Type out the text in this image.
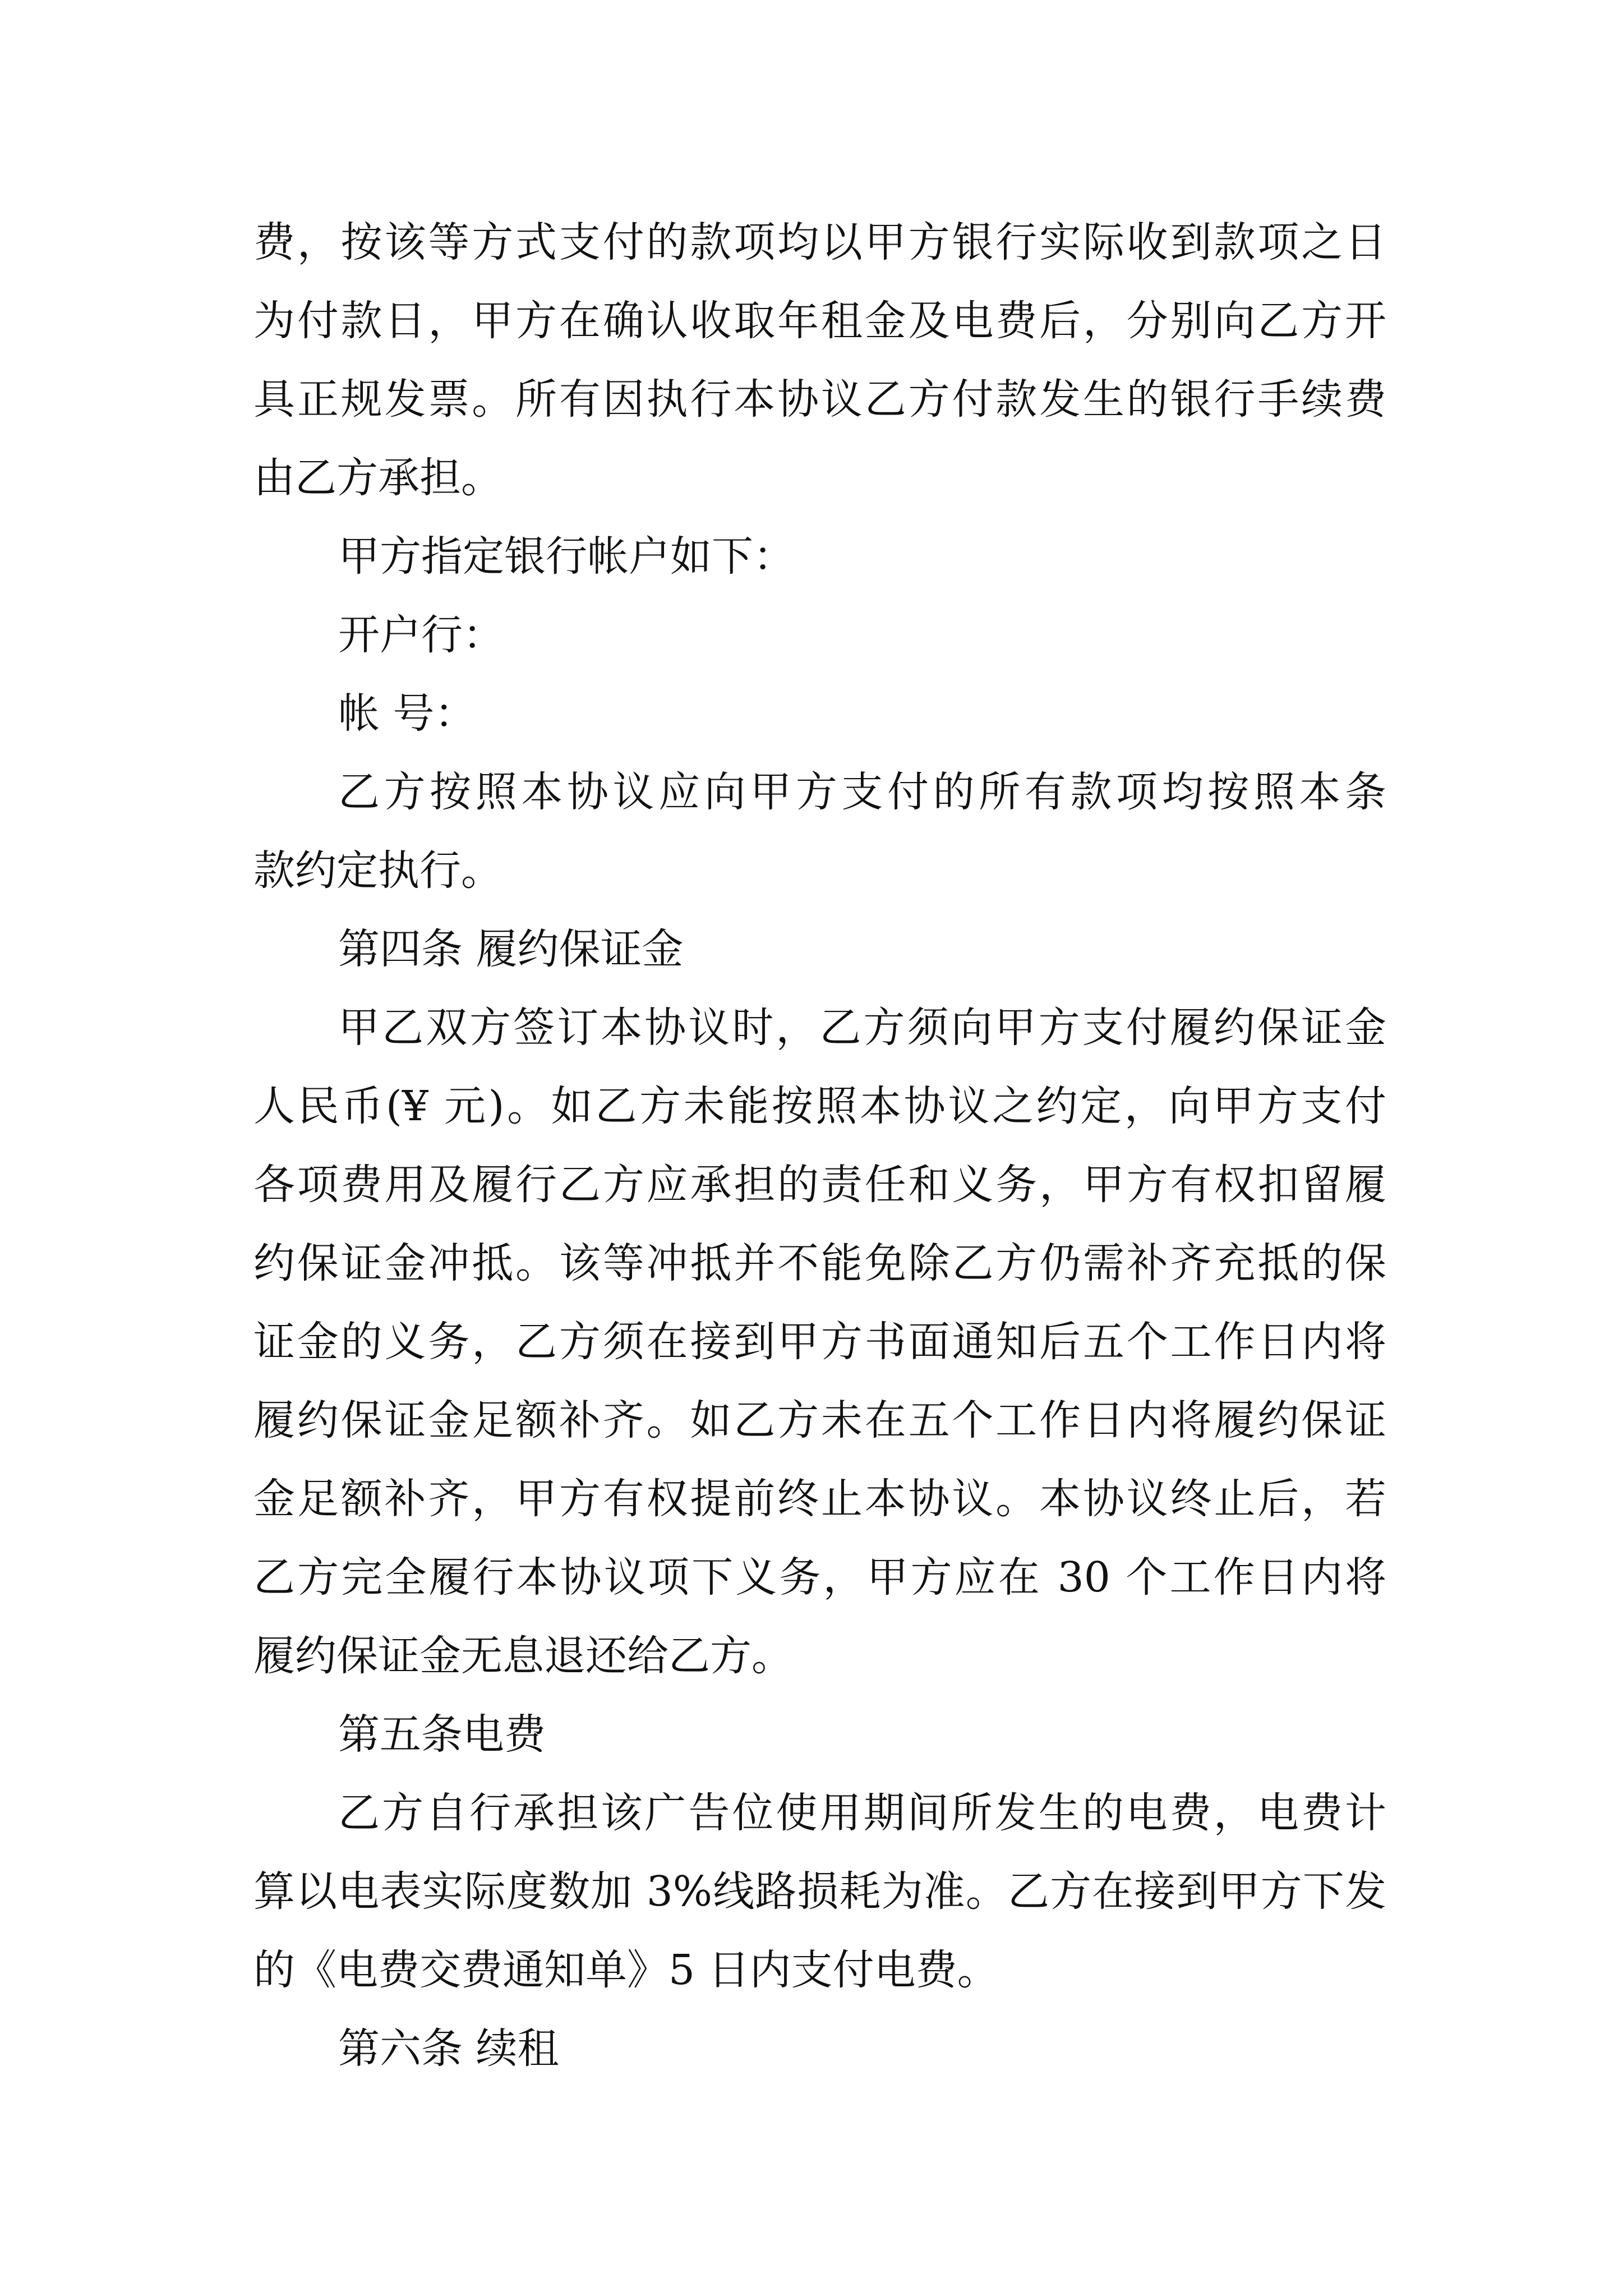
费，按该等方式支付的款项均以甲方银行实际收到款项之日

为付款日，甲方在确认收取年租金及电费后，分别向乙方开

具正规发票。所有因执行本协议乙方付款发生的银行手续费

由乙方承担。

甲方指定银行帐户如下：

开户行：

帐 号：

乙方按照本协议应向甲方支付的所有款项均按照本条

款约定执行。

第四条 履约保证金

甲乙双方签订本协议时，乙方须向甲方支付履约保证金

人民币(¥ 元)。如乙方未能按照本协议之约定，向甲方支付

各项费用及履行乙方应承担的责任和义务，甲方有权扣留履

约保证金冲抵。该等冲抵并不能免除乙方仍需补齐充抵的保

证金的义务，乙方须在接到甲方书面通知后五个工作日内将

履约保证金足额补齐。如乙方未在五个工作日内将履约保证

金足额补齐，甲方有权提前终止本协议。本协议终止后，若

乙方完全履行本协议项下义务，甲方应在 30 个工作日内将

履约保证金无息退还给乙方。

第五条电费

乙方自行承担该广告位使用期间所发生的电费，电费计

算以电表实际度数加 3%线路损耗为准。乙方在接到甲方下发

的《电费交费通知单》5 日内支付电费。

第六条 续租
